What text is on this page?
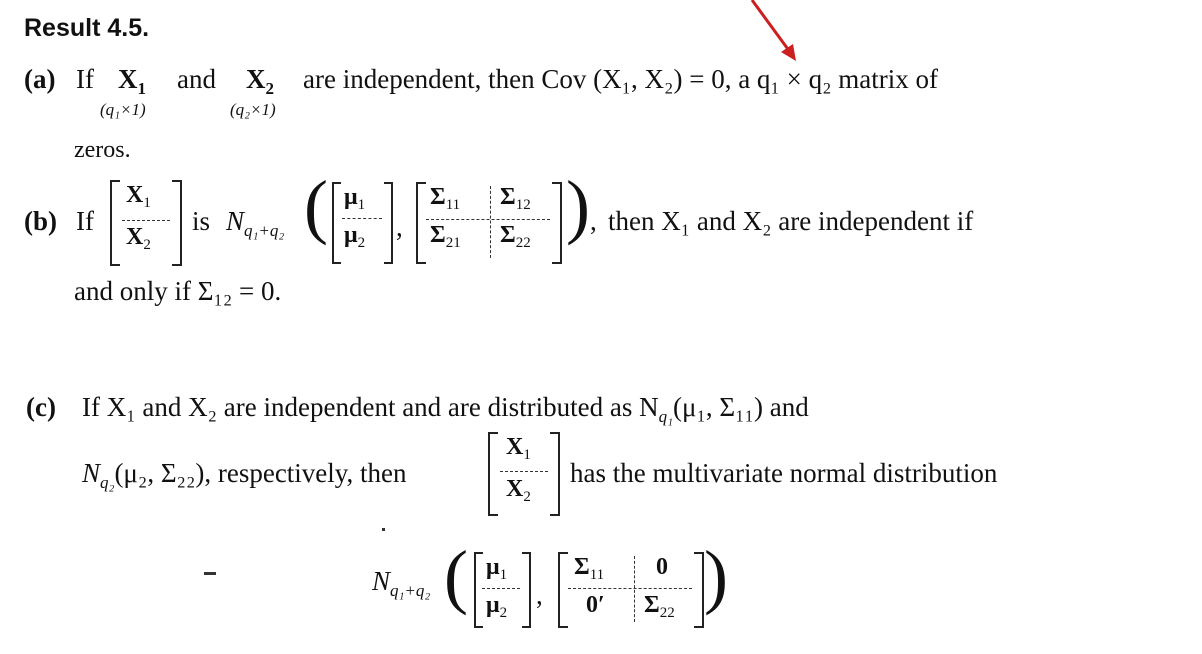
Result 4.5.
(a) If $X_1$
(q₁×1)
and $X_2$
(q₂×1)
are independent, then Cov (X₁, X₂) = 0, a q₁ × q₂ matrix of
zeros.
(b) If
$X_1$
$X_2$
is $N_{q_1+q_2}$ ( $\mu_1$
$\mu_2$
,
$\Sigma_{11}$ $\Sigma_{12}$
$\Sigma_{21}$ $\Sigma_{22}$ ) , then X₁ and X₂ are independent if
and only if Σ₁₂ = 0.
(c) If X₁ and X₂ are independent and are distributed as $N_{q_1}(\mu_1$, Σ₁₁) and
$N_{q_2}(\mu_2$, Σ₂₂), respectively, then
$X_1$
$X_2$
has the multivariate normal distribution
$N_{q_1+q_2}$ ( $\mu_1$
$\mu_2$
,
$\Sigma_{11}$ 0
0′ $\Sigma_{22}$ )
